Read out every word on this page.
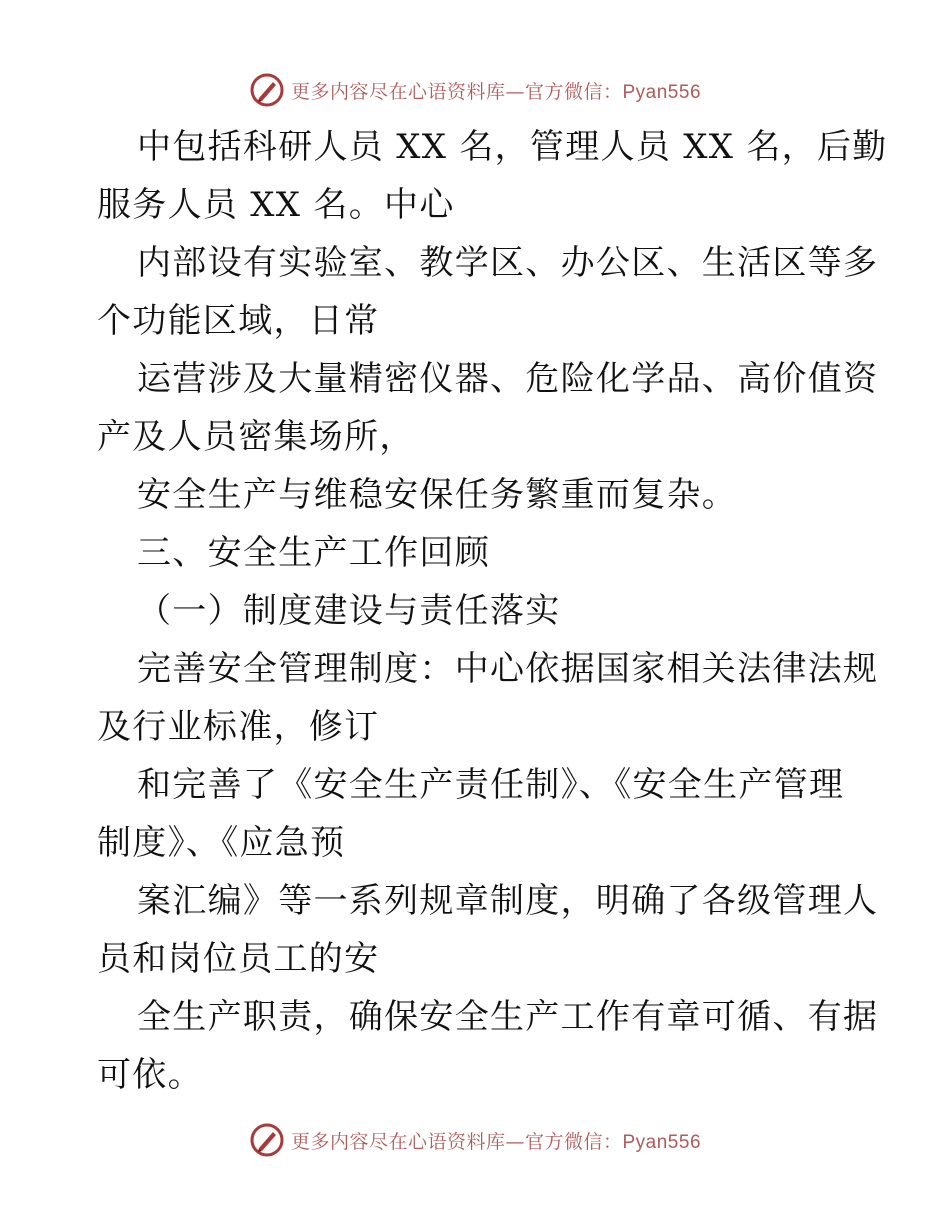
更多内容尽在心语资料库—官方微信：Pyan556
中包括科研人员 XX 名，管理人员 XX 名，后勤
服务人员 XX 名。中心
内部设有实验室、教学区、办公区、生活区等多
个功能区域，日常
运营涉及大量精密仪器、危险化学品、高价值资
产及人员密集场所，
安全生产与维稳安保任务繁重而复杂。
三、安全生产工作回顾
（一）制度建设与责任落实
完善安全管理制度：中心依据国家相关法律法规
及行业标准，修订
和完善了《安全生产责任制》、《安全生产管理
制度》、《应急预
案汇编》等一系列规章制度，明确了各级管理人
员和岗位员工的安
全生产职责，确保安全生产工作有章可循、有据
可依。
更多内容尽在心语资料库—官方微信：Pyan556
